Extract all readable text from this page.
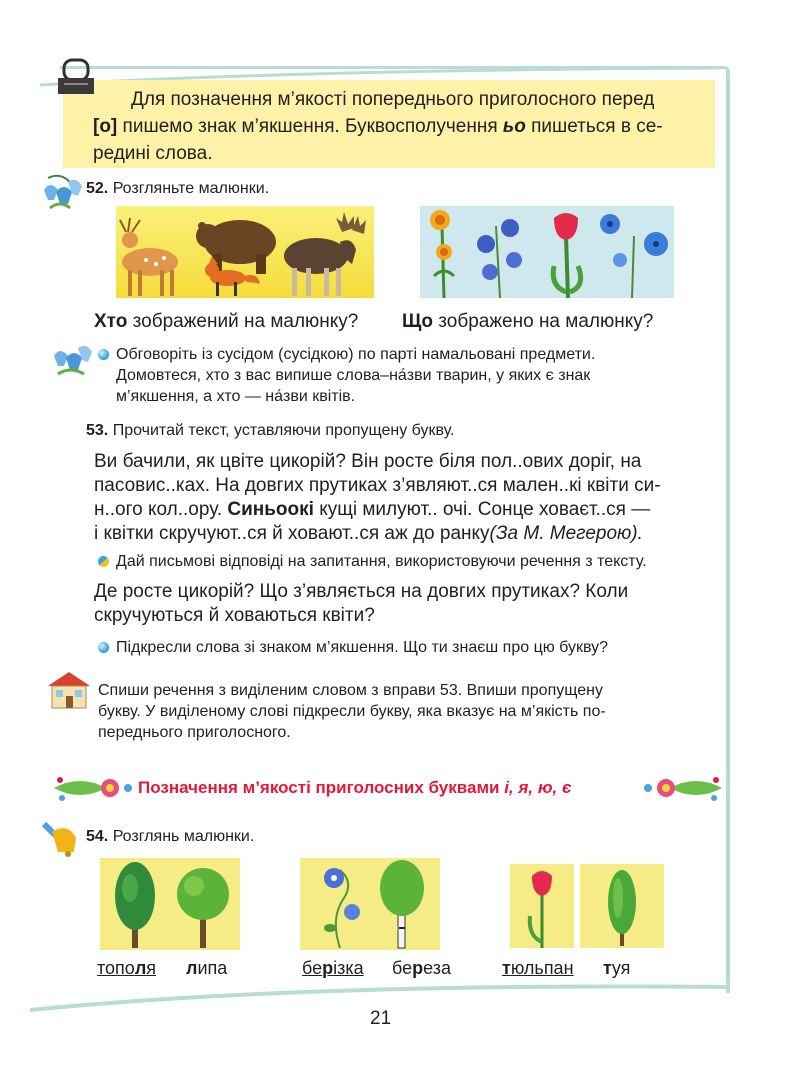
Для позначення м’якості попереднього приголосного перед
[о] пишемо знак м’якшення. Буквосполучення ьо пишеться в се-
редині слова.
52. Розгляньте малюнки.
Хто зображений на малюнку? Що зображено на малюнку?
Обговоріть із сусідом (сусідкою) по парті намальовані предмети.
Домовтеся, хто з вас випише слова–на́зви тварин, у яких є знак
м’якшення, а хто — на́зви квітів.
53. Прочитай текст, уставляючи пропущену букву.
Ви бачили, як цвіте цикорій? Він росте біля пол..ових доріг, на
пасовис..ках. На довгих прутиках з’являют..ся мален..кі квіти си-
н..ого кол..ору. Синьоокі кущі милуют.. очі. Сонце ховаєт..ся —
і квітки скручуют..ся й ховают..ся аж до ранку(За М. Мегерою).
Дай письмові відповіді на запитання, використовуючи речення з тексту.
Де росте цикорій? Що з’являється на довгих прутиках? Коли
скручуються й ховаються квіти?
Підкресли слова зі знаком м’якшення. Що ти знаєш про цю букву?
Спиши речення з виділеним словом з вправи 53. Впиши пропущену
букву. У виділеному слові підкресли букву, яка вказує на м’якість по-
переднього приголосного.
Позначення м’якості приголосних буквами і, я, ю, є
54. Розглянь малюнки.
тополя липа	берізка береза	тюльпан туя
21
